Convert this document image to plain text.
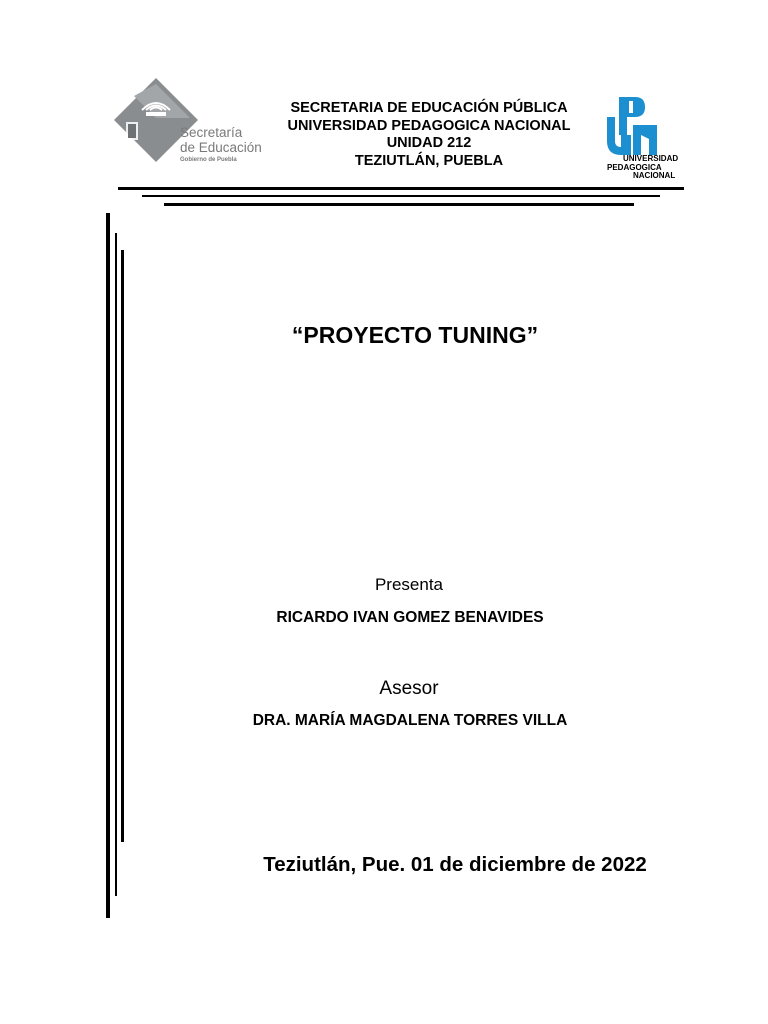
Secretaría
de Educación
Gobierno de Puebla
SECRETARIA DE EDUCACIÓN PÚBLICA
UNIVERSIDAD PEDAGOGICA NACIONAL
UNIDAD 212
TEZIUTLÁN, PUEBLA	UNIVERSIDAD
PEDAGOGICA
NACIONAL
“PROYECTO TUNING”
Presenta
RICARDO IVAN GOMEZ BENAVIDES
Asesor
DRA. MARÍA MAGDALENA TORRES VILLA
Teziutlán, Pue. 01 de diciembre de 2022
